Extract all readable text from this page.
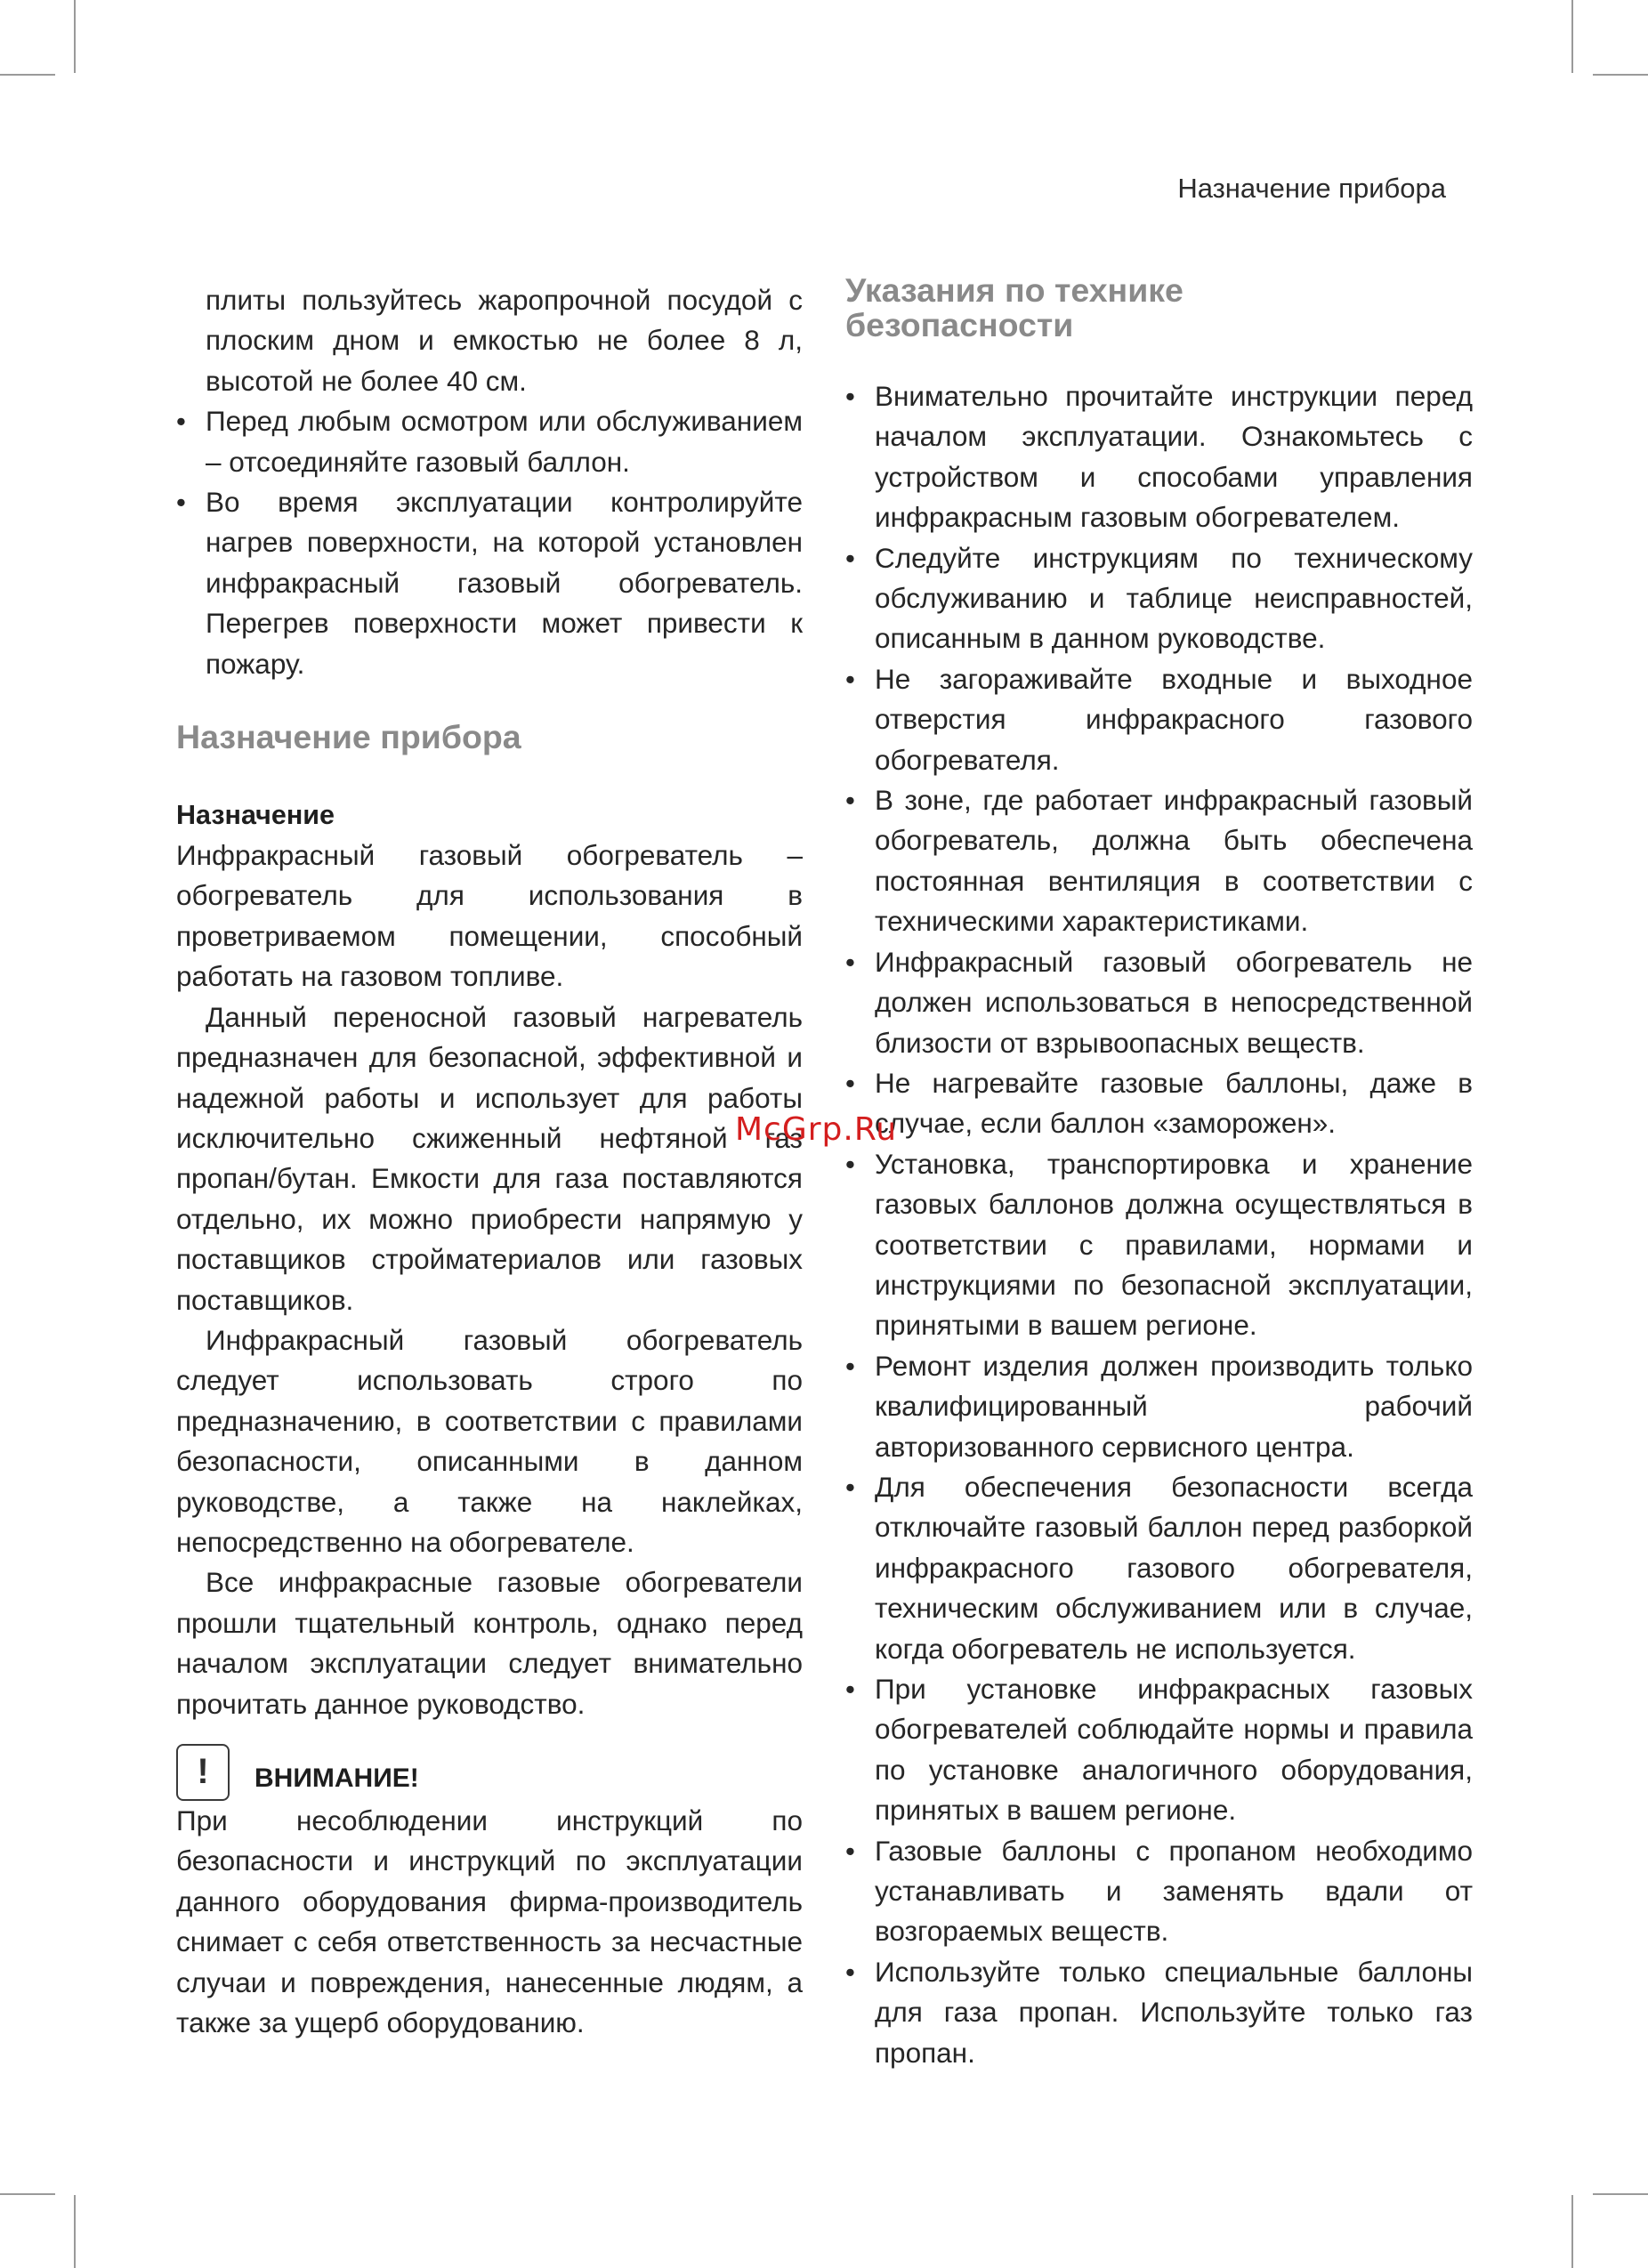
Назначение прибора
плиты пользуйтесь жаропрочной посудой с плоским дном и емкостью не более 8 л, высотой не более 40 см.
• Перед любым осмотром или обслуживанием – отсоединяйте газовый баллон.
• Во время эксплуатации контролируйте нагрев поверхности, на которой установлен инфракрасный газовый обогреватель. Перегрев поверхности может привести к пожару.
Назначение прибора
Назначение

Инфракрасный газовый обогреватель – обогреватель для использования в проветриваемом помещении, способный работать на газовом топливе.

Данный переносной газовый нагреватель предназначен для безопасной, эффективной и надежной работы и использует для работы исключительно сжиженный нефтяной газ пропан/бутан. Емкости для газа поставляются отдельно, их можно приобрести напрямую у поставщиков стройматериалов или газовых поставщиков.

Инфракрасный газовый обогреватель следует использовать строго по предназначению, в соответствии с правилами безопасности, описанными в данном руководстве, а также на наклейках, непосредственно на обогревателе.

Все инфракрасные газовые обогреватели прошли тщательный контроль, однако перед началом эксплуатации следует внимательно прочитать данное руководство.

!	ВНИМАНИЕ!

При несоблюдении инструкций по безопасности и инструкций по эксплуатации данного оборудования фирма-производитель снимает с себя ответственность за несчастные случаи и повреждения, нанесенные людям, а также за ущерб оборудованию.

Указания по технике безопасности
• Внимательно прочитайте инструкции перед началом эксплуатации. Ознакомьтесь с устройством и способами управления инфракрасным газовым обогревателем.
• Следуйте инструкциям по техническому обслуживанию и таблице неисправностей, описанным в данном руководстве.
• Не загораживайте входные и выходное отверстия инфракрасного газового обогревателя.
• В зоне, где работает инфракрасный газовый обогреватель, должна быть обеспечена постоянная вентиляция в соответствии с техническими характеристиками.
• Инфракрасный газовый обогреватель не должен использоваться в непосредственной близости от взрывоопасных веществ.
• Не нагревайте газовые баллоны, даже в случае, если баллон «заморожен».
• Установка, транспортировка и хранение газовых баллонов должна осуществляться в соответствии с правилами, нормами и инструкциями по безопасной эксплуатации, принятыми в вашем регионе.
• Ремонт изделия должен производить только квалифицированный рабочий авторизованного сервисного центра.
• Для обеспечения безопасности всегда отключайте газовый баллон перед разборкой инфракрасного газового обогревателя, техническим обслуживанием или в случае, когда обогреватель не используется.
• При установке инфракрасных газовых обогревателей соблюдайте нормы и правила по установке аналогичного оборудования, принятых в вашем регионе.
• Газовые баллоны с пропаном необходимо устанавливать и заменять вдали от возгораемых веществ.
• Используйте только специальные баллоны для газа пропан. Используйте только газ пропан.
McGrp.Ru
